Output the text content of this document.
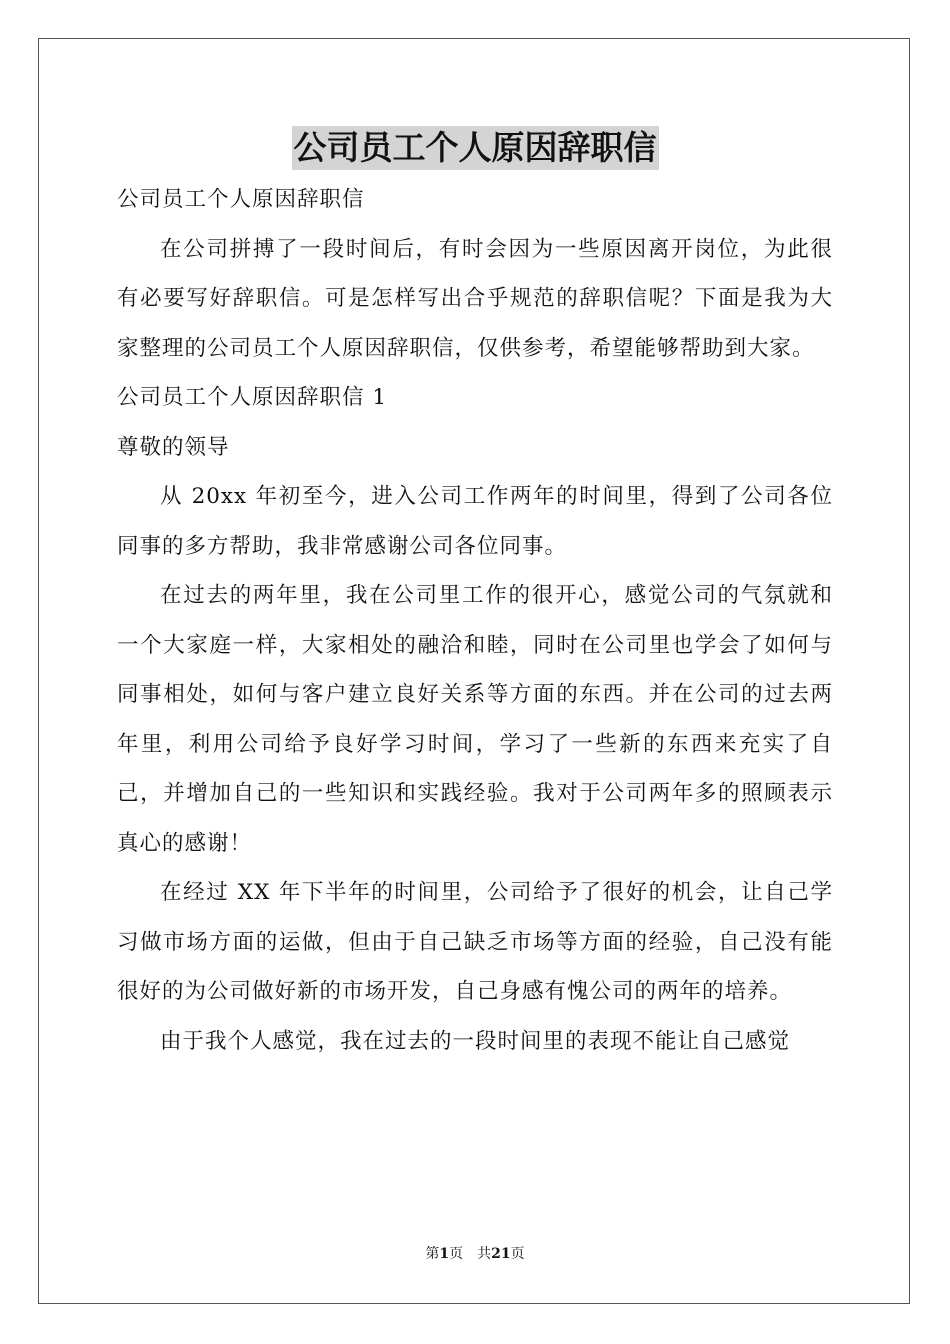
公司员工个人原因辞职信

公司员工个人原因辞职信

在公司拼搏了一段时间后，有时会因为一些原因离开岗位，为此很有必要写好辞职信。可是怎样写出合乎规范的辞职信呢？下面是我为大家整理的公司员工个人原因辞职信，仅供参考，希望能够帮助到大家。

公司员工个人原因辞职信 1

尊敬的领导

从 20xx 年初至今，进入公司工作两年的时间里，得到了公司各位同事的多方帮助，我非常感谢公司各位同事。

在过去的两年里，我在公司里工作的很开心，感觉公司的气氛就和一个大家庭一样，大家相处的融洽和睦，同时在公司里也学会了如何与同事相处，如何与客户建立良好关系等方面的东西。并在公司的过去两年里，利用公司给予良好学习时间，学习了一些新的东西来充实了自己，并增加自己的一些知识和实践经验。我对于公司两年多的照顾表示真心的感谢！

在经过 XX 年下半年的时间里，公司给予了很好的机会，让自己学习做市场方面的运做，但由于自己缺乏市场等方面的经验，自己没有能很好的为公司做好新的市场开发，自己身感有愧公司的两年的培养。

由于我个人感觉，我在过去的一段时间里的表现不能让自己感觉

第1页 共21页
